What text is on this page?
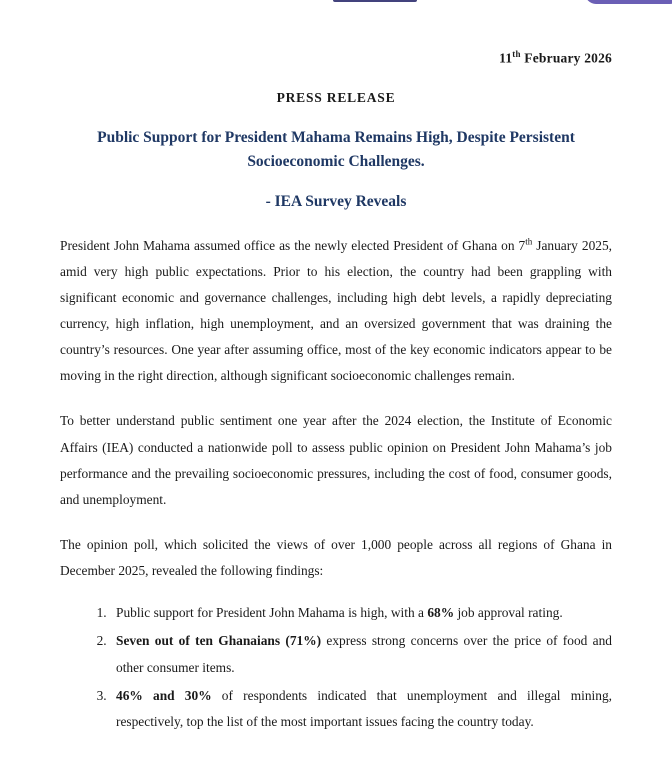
11th February 2026
PRESS RELEASE
Public Support for President Mahama Remains High, Despite Persistent Socioeconomic Challenges.
- IEA Survey Reveals

President John Mahama assumed office as the newly elected President of Ghana on 7th January 2025, amid very high public expectations. Prior to his election, the country had been grappling with significant economic and governance challenges, including high debt levels, a rapidly depreciating currency, high inflation, high unemployment, and an oversized government that was draining the country’s resources. One year after assuming office, most of the key economic indicators appear to be moving in the right direction, although significant socioeconomic challenges remain.

To better understand public sentiment one year after the 2024 election, the Institute of Economic Affairs (IEA) conducted a nationwide poll to assess public opinion on President John Mahama’s job performance and the prevailing socioeconomic pressures, including the cost of food, consumer goods, and unemployment.

The opinion poll, which solicited the views of over 1,000 people across all regions of Ghana in December 2025, revealed the following findings:

1. Public support for President John Mahama is high, with a 68% job approval rating.
2. Seven out of ten Ghanaians (71%) express strong concerns over the price of food and other consumer items.
3. 46% and 30% of respondents indicated that unemployment and illegal mining, respectively, top the list of the most important issues facing the country today.
